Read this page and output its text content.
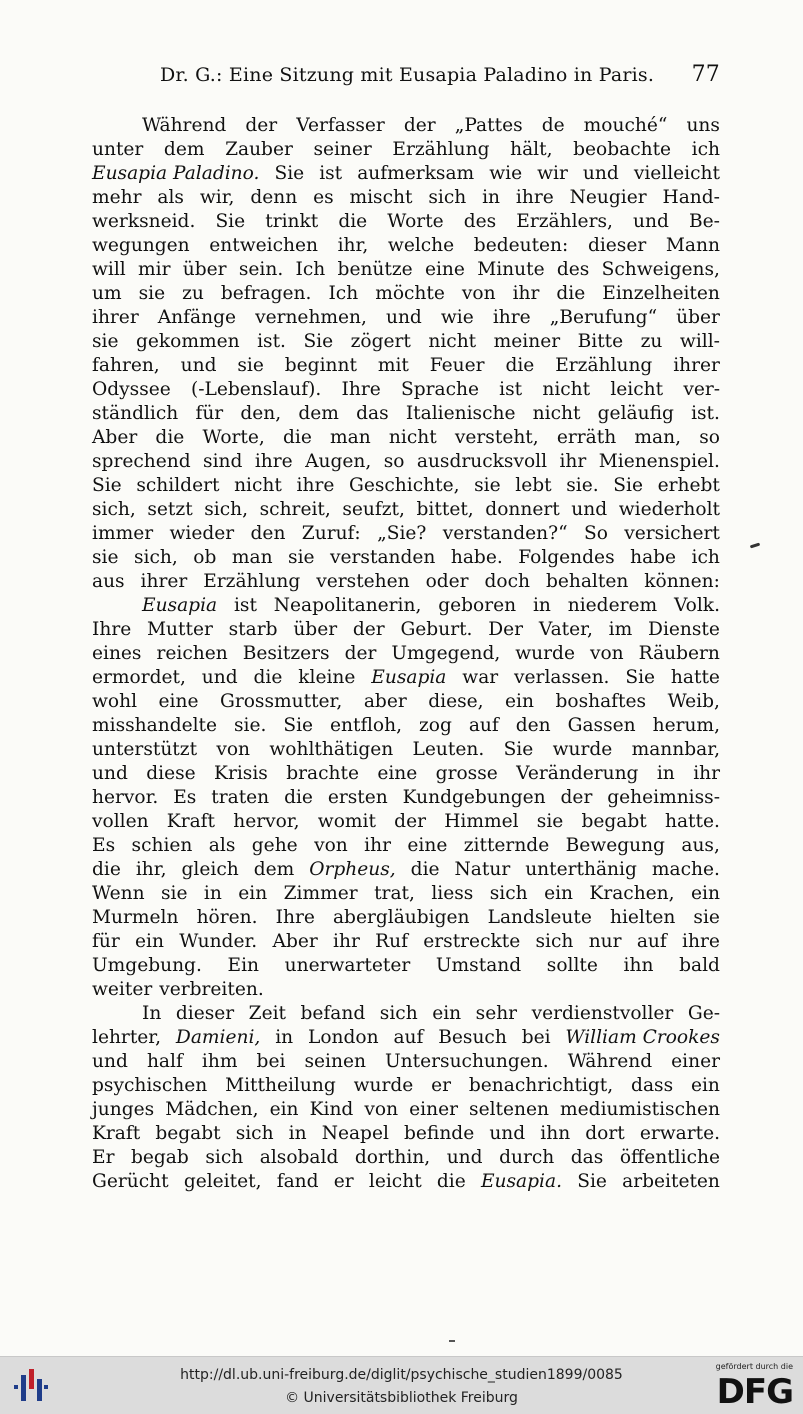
Dr. G.: Eine Sitzung mit Eusapia Paladino in Paris. 77
Während der Verfasser der „Pattes de mouché“ uns
unter dem Zauber seiner Erzählung hält, beobachte ich
Eusapia Paladino. Sie ist aufmerksam wie wir und vielleicht
mehr als wir, denn es mischt sich in ihre Neugier Hand-
werksneid. Sie trinkt die Worte des Erzählers, und Be-
wegungen entweichen ihr, welche bedeuten: dieser Mann
will mir über sein. Ich benütze eine Minute des Schweigens,
um sie zu befragen. Ich möchte von ihr die Einzelheiten
ihrer Anfänge vernehmen, und wie ihre „Berufung“ über
sie gekommen ist. Sie zögert nicht meiner Bitte zu will-
fahren, und sie beginnt mit Feuer die Erzählung ihrer
Odyssee (-Lebenslauf). Ihre Sprache ist nicht leicht ver-
ständlich für den, dem das Italienische nicht geläufig ist.
Aber die Worte, die man nicht versteht, erräth man, so
sprechend sind ihre Augen, so ausdrucksvoll ihr Mienenspiel.
Sie schildert nicht ihre Geschichte, sie lebt sie. Sie erhebt
sich, setzt sich, schreit, seufzt, bittet, donnert und wiederholt
immer wieder den Zuruf: „Sie? verstanden?“ So versichert
sie sich, ob man sie verstanden habe. Folgendes habe ich
aus ihrer Erzählung verstehen oder doch behalten können:
Eusapia ist Neapolitanerin, geboren in niederem Volk.
Ihre Mutter starb über der Geburt. Der Vater, im Dienste
eines reichen Besitzers der Umgegend, wurde von Räubern
ermordet, und die kleine Eusapia war verlassen. Sie hatte
wohl eine Grossmutter, aber diese, ein boshaftes Weib,
misshandelte sie. Sie entfloh, zog auf den Gassen herum,
unterstützt von wohlthätigen Leuten. Sie wurde mannbar,
und diese Krisis brachte eine grosse Veränderung in ihr
hervor. Es traten die ersten Kundgebungen der geheimniss-
vollen Kraft hervor, womit der Himmel sie begabt hatte.
Es schien als gehe von ihr eine zitternde Bewegung aus,
die ihr, gleich dem Orpheus, die Natur unterthänig mache.
Wenn sie in ein Zimmer trat, liess sich ein Krachen, ein
Murmeln hören. Ihre abergläubigen Landsleute hielten sie
für ein Wunder. Aber ihr Ruf erstreckte sich nur auf ihre
Umgebung. Ein unerwarteter Umstand sollte ihn bald
weiter verbreiten.
In dieser Zeit befand sich ein sehr verdienstvoller Ge-
lehrter, Damieni, in London auf Besuch bei William Crookes
und half ihm bei seinen Untersuchungen. Während einer
psychischen Mittheilung wurde er benachrichtigt, dass ein
junges Mädchen, ein Kind von einer seltenen mediumistischen
Kraft begabt sich in Neapel befinde und ihn dort erwarte.
Er begab sich alsobald dorthin, und durch das öffentliche
Gerücht geleitet, fand er leicht die Eusapia. Sie arbeiteten
http://dl.ub.uni-freiburg.de/diglit/psychische_studien1899/0085
© Universitätsbibliothek Freiburg
gefördert durch die
DFG
